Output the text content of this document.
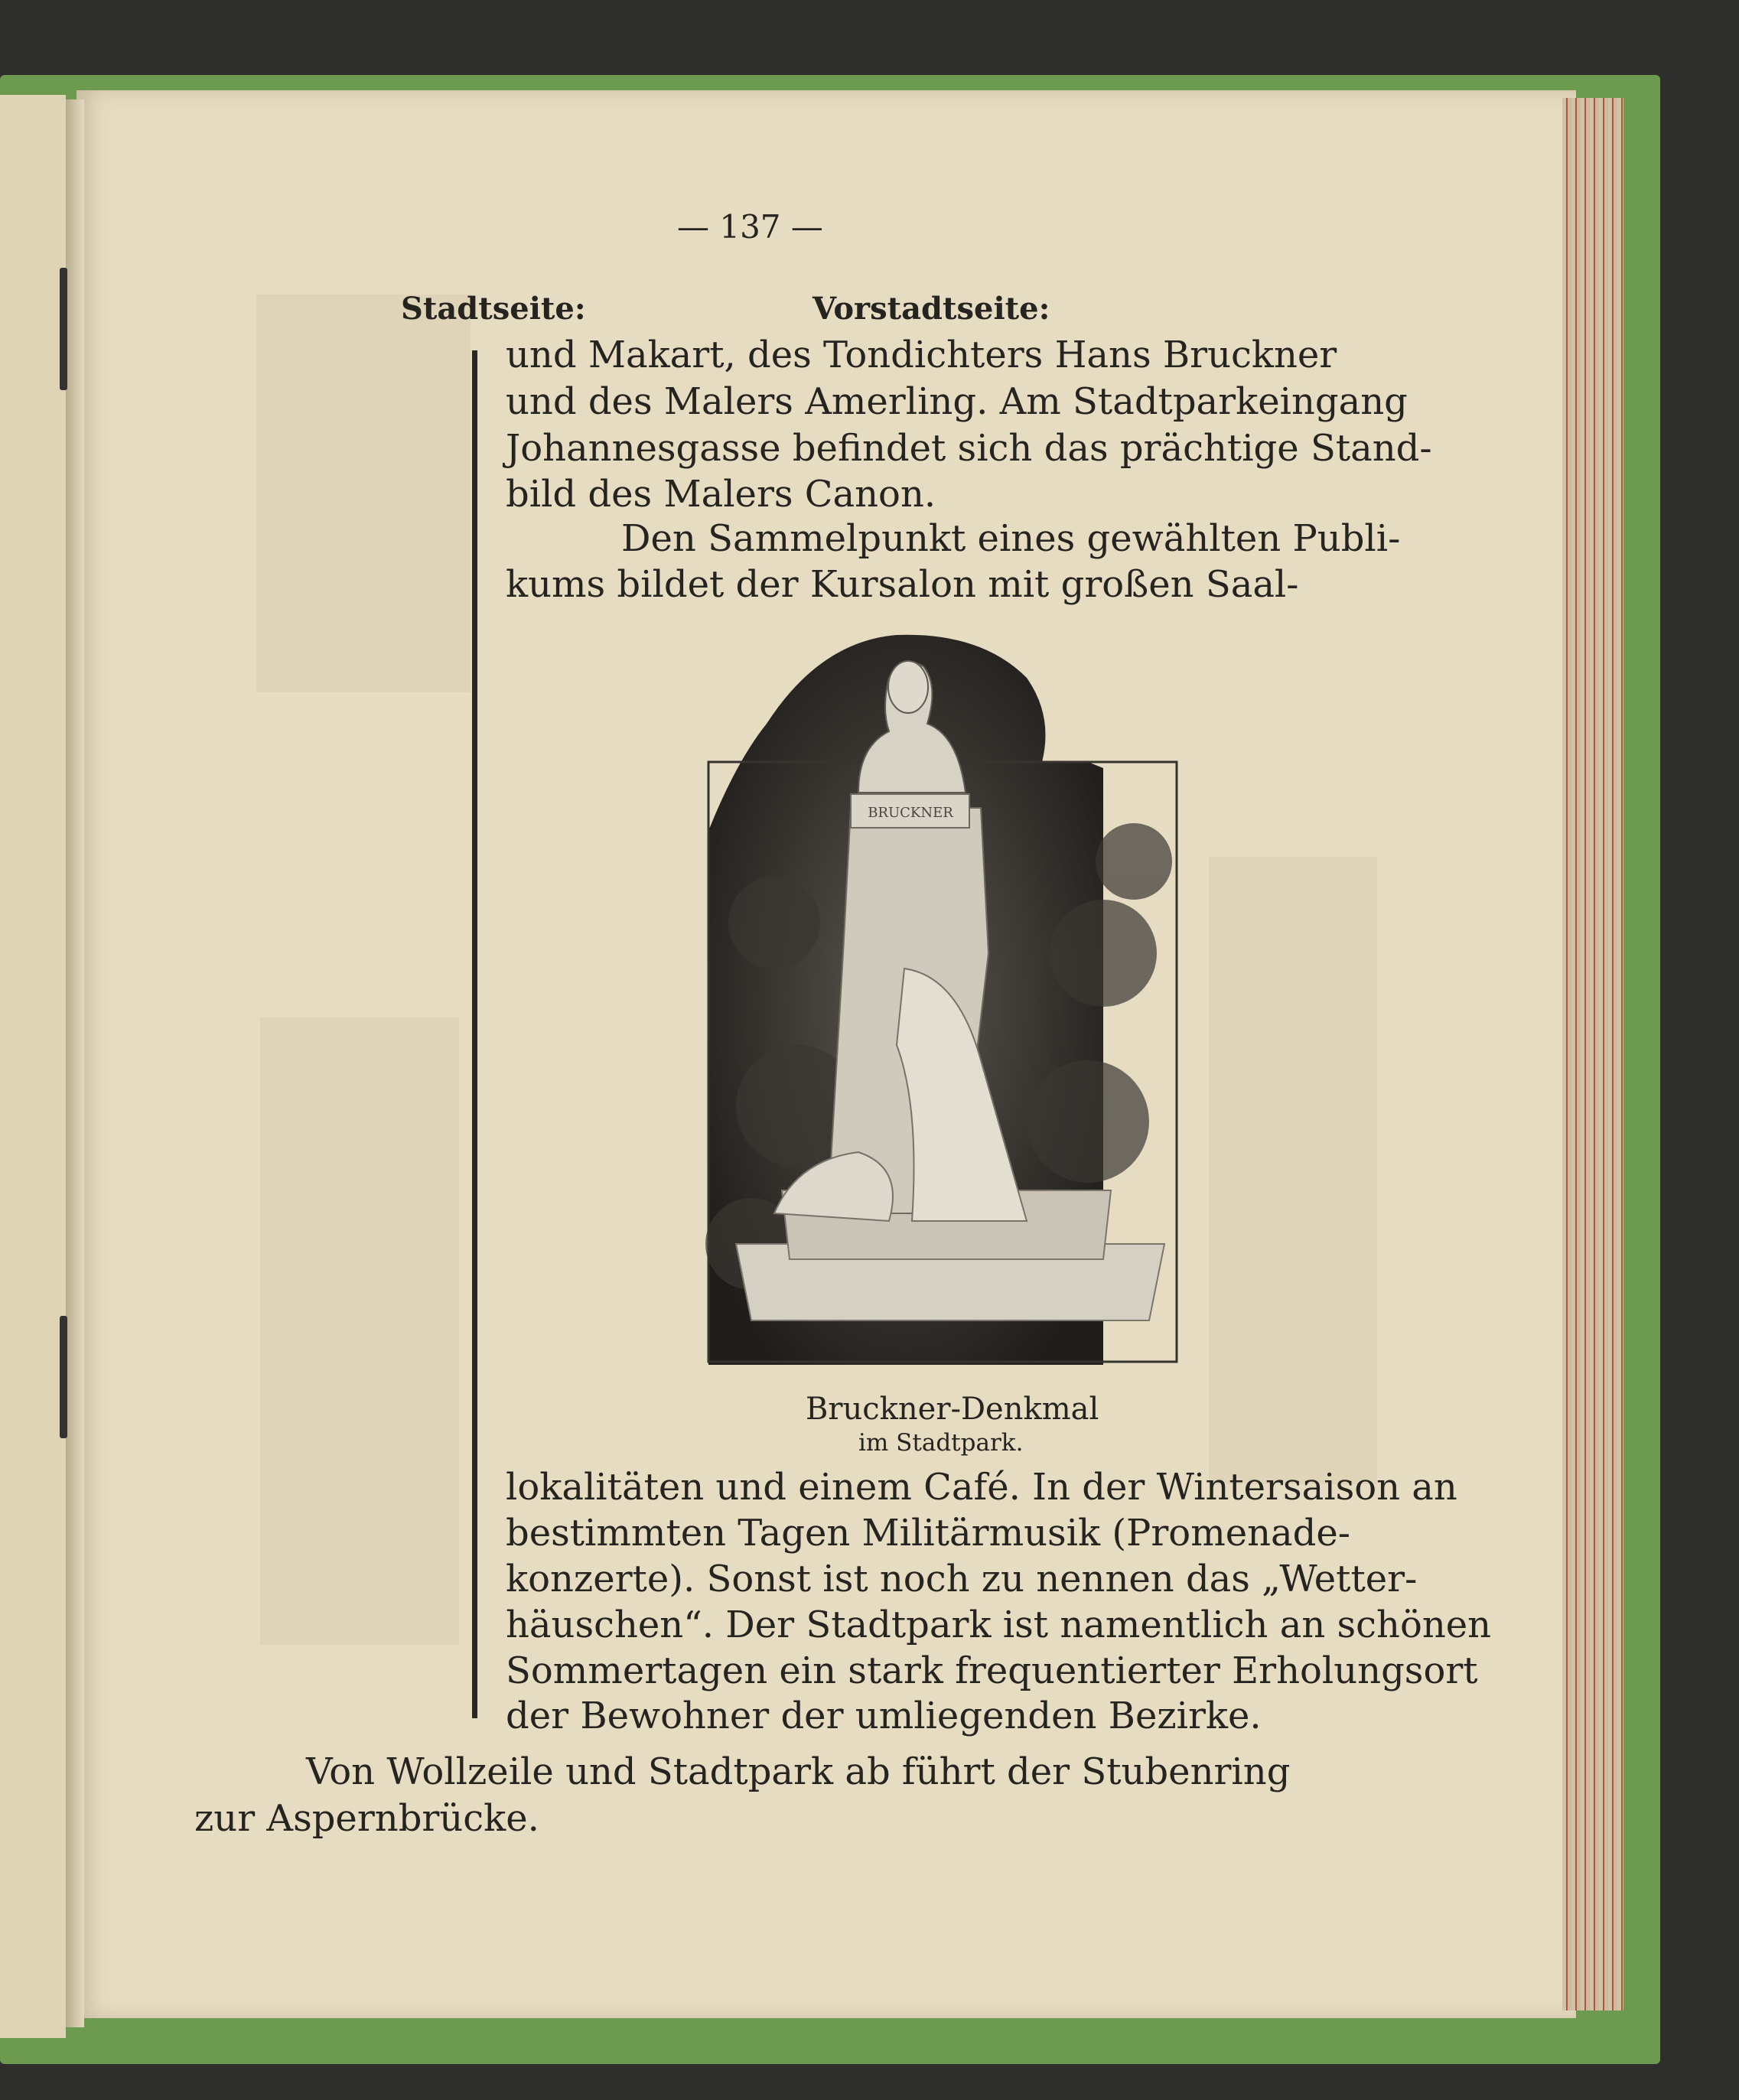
— 137 —
Stadtseite:	Vorstadtseite:
und Makart, des Tondichters Hans Bruckner
und des Malers Amerling. Am Stadtparkeingang
Johannesgasse befindet sich das prächtige Stand-
bild des Malers Canon.
Den Sammelpunkt eines gewählten Publi-
kums bildet der Kursalon mit großen Saal-
BRUCKNER
Bruckner-Denkmal
im Stadtpark.
lokalitäten und einem Café. In der Wintersaison an
bestimmten Tagen Militärmusik (Promenade-
konzerte). Sonst ist noch zu nennen das „Wetter-
häuschen“. Der Stadtpark ist namentlich an schönen
Sommertagen ein stark frequentierter Erholungsort
der Bewohner der umliegenden Bezirke.
Von Wollzeile und Stadtpark ab führt der Stubenring
zur Aspernbrücke.
